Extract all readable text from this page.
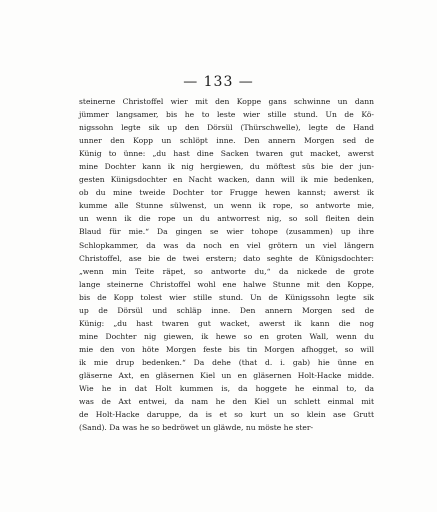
— 133 —
steinerne Christoffel wier mit den Koppe gans schwinne un dann
jümmer langsamer, bis he to leste wier stille stund. Un de Kö-
nigssohn legte sik up den Dörsül (Thürschwelle), legte de Hand
unner den Kopp un schlöpt inne. Den annern Morgen sed de
Künig to ünne: „du hast dine Sacken twaren gut macket, awerst
mine Dochter kann ik nig hergiewen, du möftest süs bie der jun-
gesten Künigsdochter en Nacht wacken, dann will ik mie bedenken,
ob du mine tweide Dochter tor Frugge hewen kannst; awerst ik
kumme alle Stunne sülwenst, un wenn ik rope, so antworte mie,
un wenn ik die rope un du antworrest nig, so soll fleiten dein
Blaud für mie.“ Da gingen se wier tohope (zusammen) up ihre
Schlopkammer, da was da noch en viel grötern un viel längern
Christoffel, ase bie de twei erstern; dato seghte de Künigsdochter:
„wenn min Teite räpet, so antworte du,“ da nickede de grote
lange steinerne Christoffel wohl ene halwe Stunne mit den Koppe,
bis de Kopp tolest wier stille stund. Un de Künigssohn legte sik
up de Dörsül und schläp inne. Den annern Morgen sed de
Künig: „du hast twaren gut wacket, awerst ik kann die nog
mine Dochter nig giewen, ik hewe so en groten Wall, wenn du
mie den von höte Morgen feste bis tin Morgen afhogget, so will
ik mie drup bedenken.“ Da dehe (that d. i. gab) hie ünne en
gläserne Axt, en gläsernen Kiel un en gläsernen Holt-Hacke midde.
Wie he in dat Holt kummen is, da hoggete he einmal to, da
was de Axt entwei, da nam he den Kiel un schlett einmal mit
de Holt-Hacke daruppe, da is et so kurt un so klein ase Grutt
(Sand). Da was he so bedröwet un gläwde, nu möste he ster-
